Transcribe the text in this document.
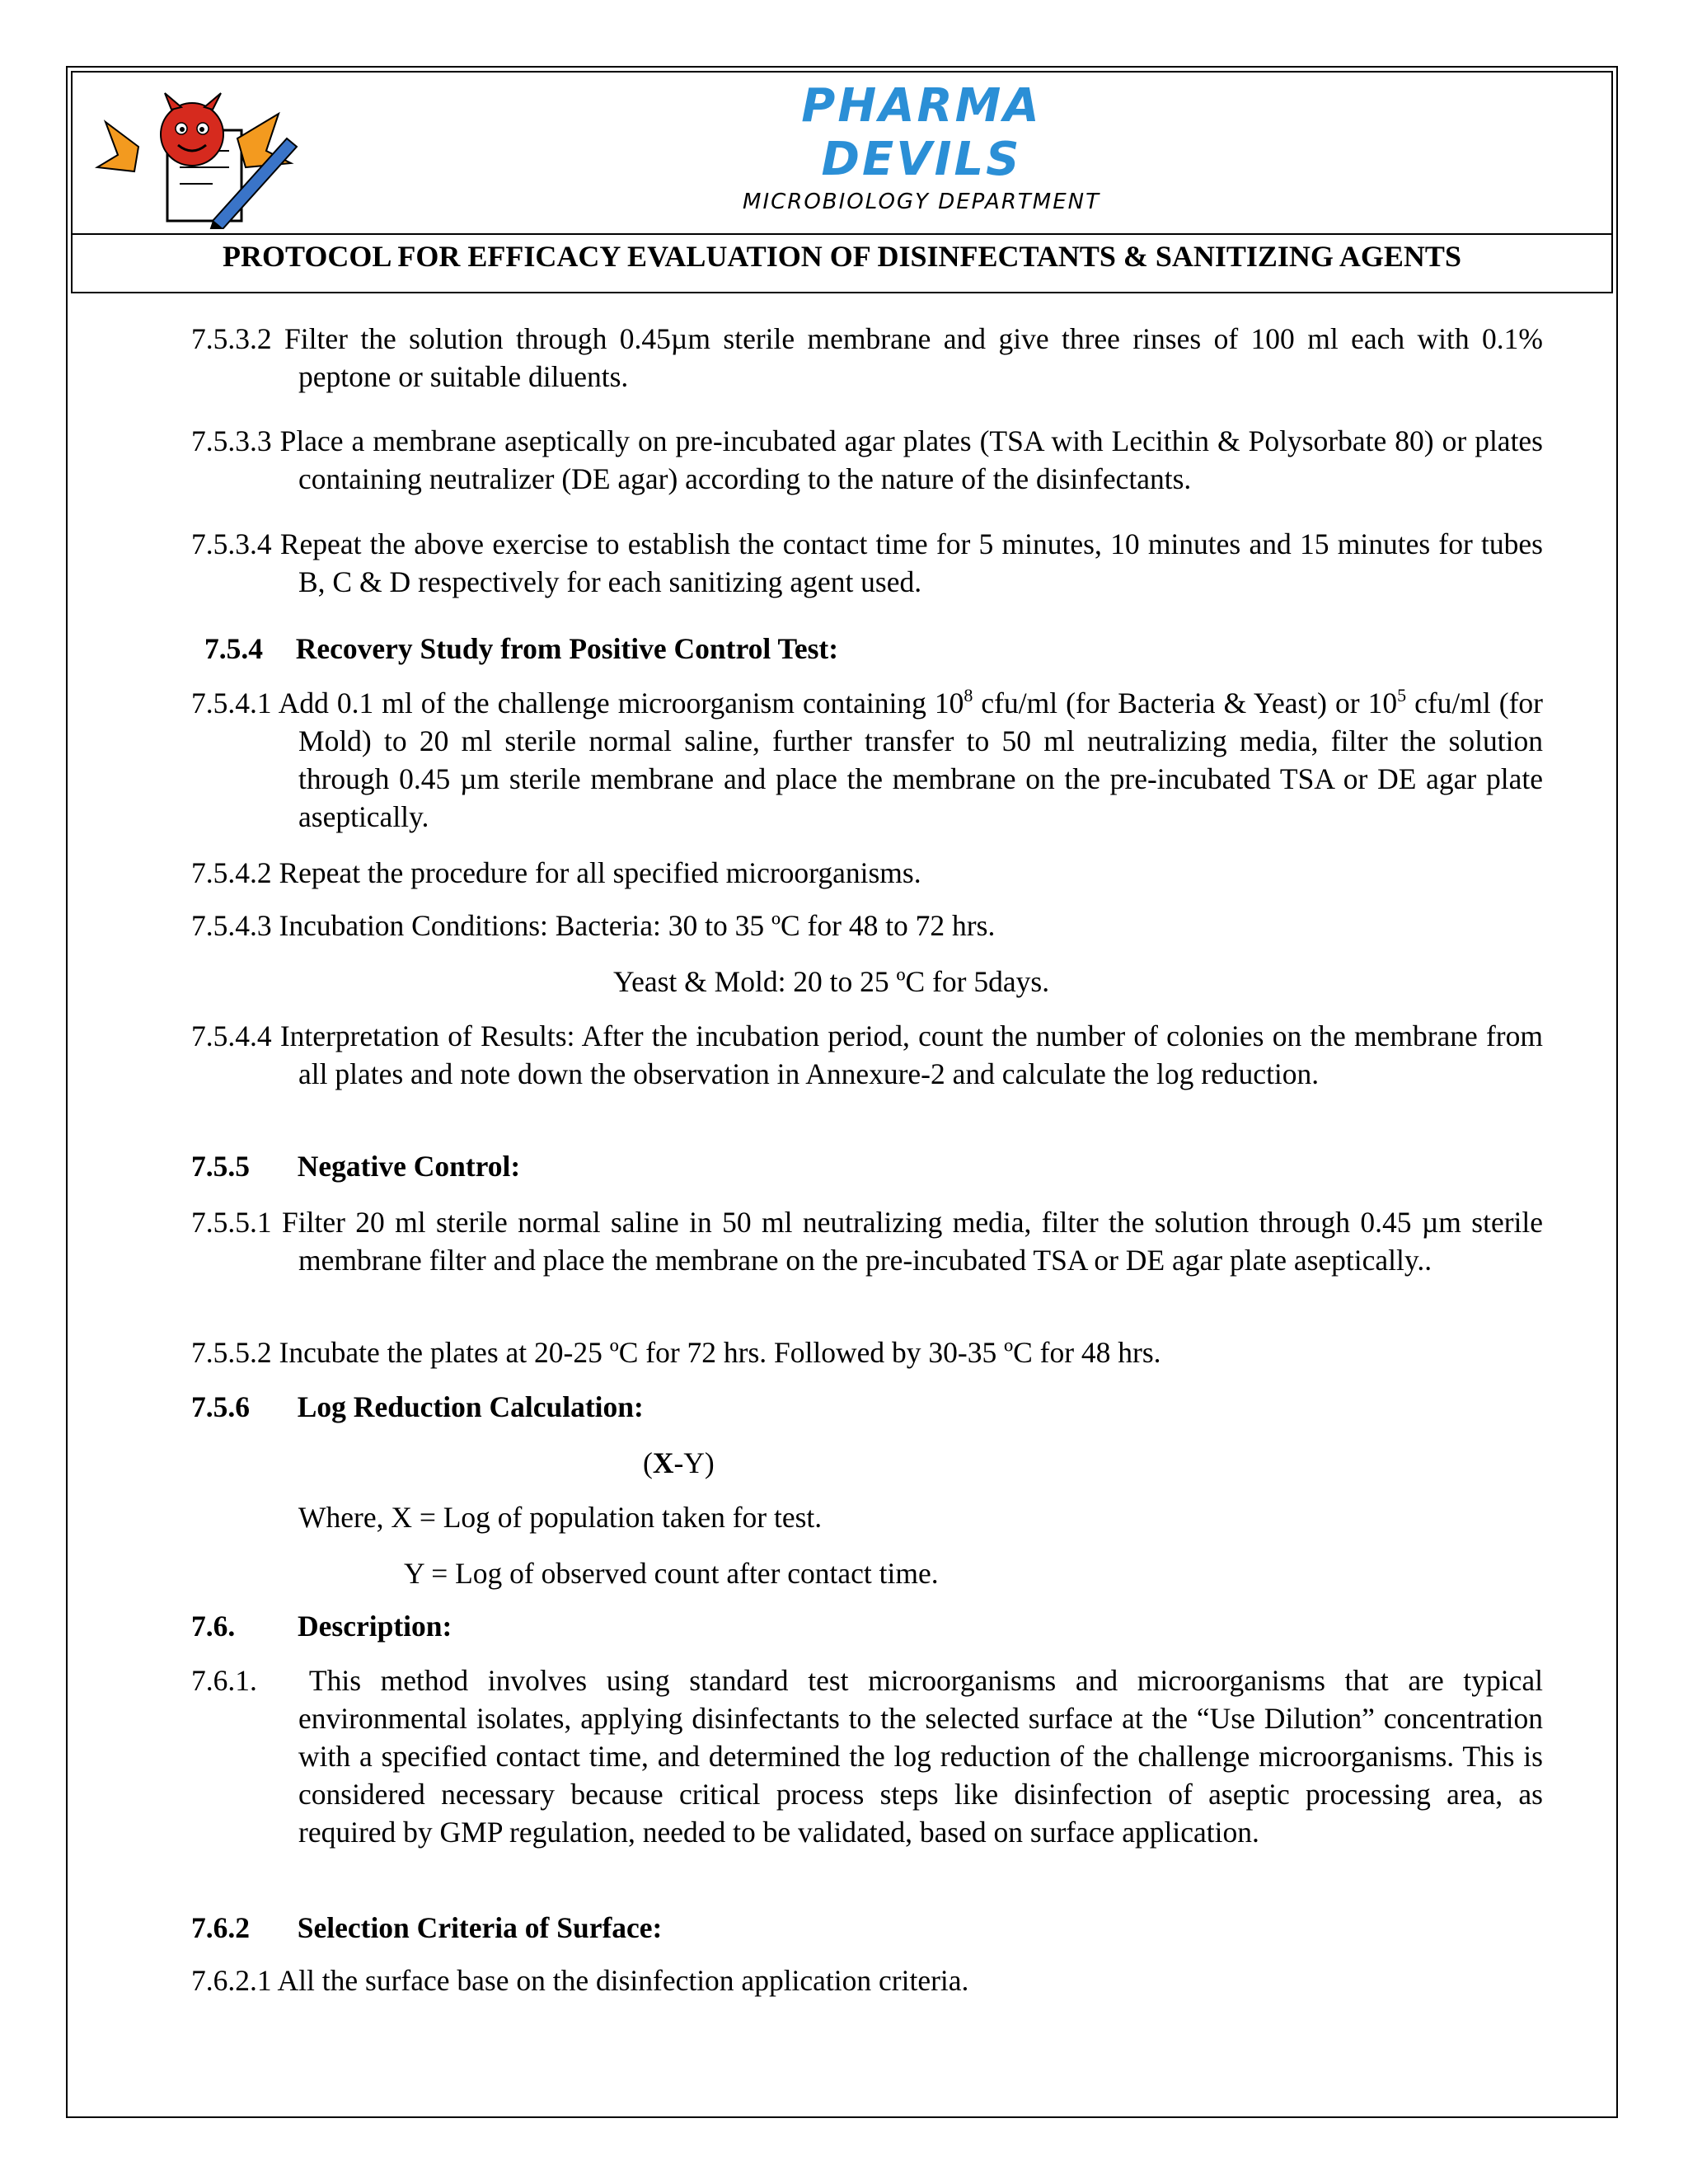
PHARMA DEVILS
MICROBIOLOGY DEPARTMENT
PROTOCOL FOR EFFICACY EVALUATION OF DISINFECTANTS & SANITIZING AGENTS
7.5.3.2 Filter the solution through 0.45µm sterile membrane and give three rinses of 100 ml each with 0.1% peptone or suitable diluents.
7.5.3.3 Place a membrane aseptically on pre-incubated agar plates (TSA with Lecithin & Polysorbate 80) or plates containing neutralizer (DE agar) according to the nature of the disinfectants.
7.5.3.4 Repeat the above exercise to establish the contact time for 5 minutes, 10 minutes and 15 minutes for tubes B, C & D respectively for each sanitizing agent used.
7.5.4 Recovery Study from Positive Control Test:
7.5.4.1 Add 0.1 ml of the challenge microorganism containing $10^8$ cfu/ml (for Bacteria & Yeast) or $10^5$ cfu/ml (for Mold) to 20 ml sterile normal saline, further transfer to 50 ml neutralizing media, filter the solution through 0.45 µm sterile membrane and place the membrane on the pre-incubated TSA or DE agar plate aseptically.
7.5.4.2 Repeat the procedure for all specified microorganisms.
7.5.4.3 Incubation Conditions: Bacteria: 30 to 35 ºC for 48 to 72 hrs.
Yeast & Mold: 20 to 25 ºC for 5days.
7.5.4.4 Interpretation of Results: After the incubation period, count the number of colonies on the membrane from all plates and note down the observation in Annexure-2 and calculate the log reduction.
7.5.5 Negative Control:
7.5.5.1 Filter 20 ml sterile normal saline in 50 ml neutralizing media, filter the solution through 0.45 µm sterile membrane filter and place the membrane on the pre-incubated TSA or DE agar plate aseptically..
7.5.5.2 Incubate the plates at 20-25 ºC for 72 hrs. Followed by 30-35 ºC for 48 hrs.
7.5.6 Log Reduction Calculation:
(X-Y)
Where, X = Log of population taken for test.
Y = Log of observed count after contact time.
7.6. Description:
7.6.1. This method involves using standard test microorganisms and microorganisms that are typical environmental isolates, applying disinfectants to the selected surface at the “Use Dilution” concentration with a specified contact time, and determined the log reduction of the challenge microorganisms. This is considered necessary because critical process steps like disinfection of aseptic processing area, as required by GMP regulation, needed to be validated, based on surface application.
7.6.2 Selection Criteria of Surface:
7.6.2.1 All the surface base on the disinfection application criteria.
